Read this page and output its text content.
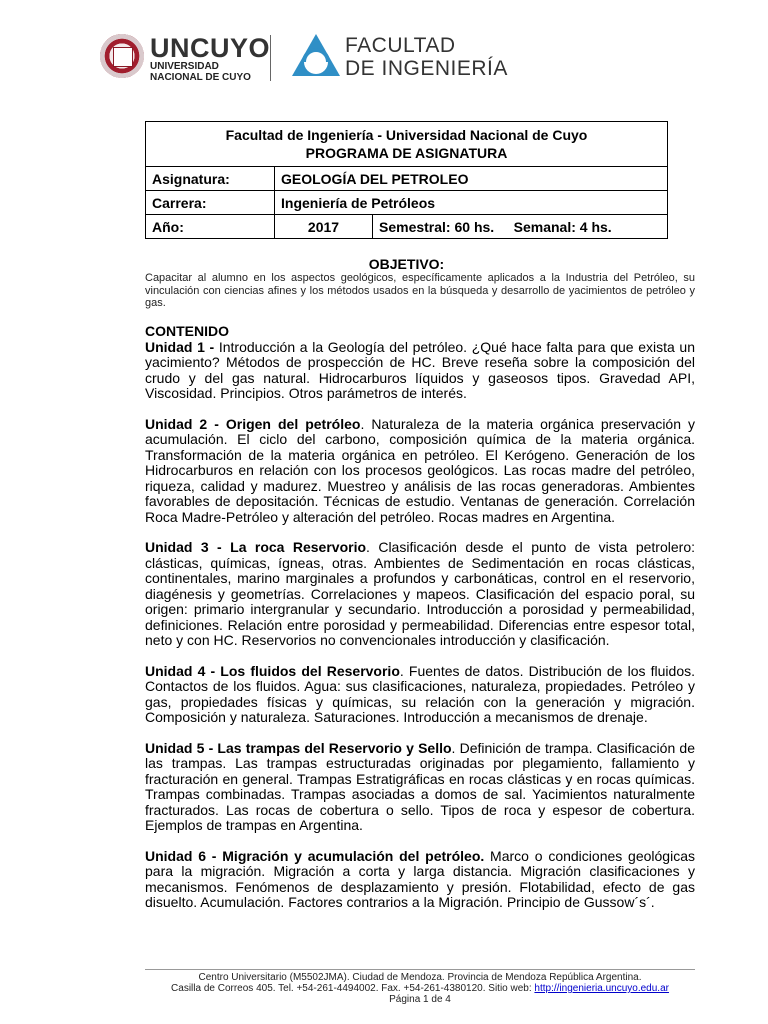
UNCUYO
UNIVERSIDAD
NACIONAL DE CUYO
FACULTAD
DE INGENIERÍA
Facultad de Ingeniería - Universidad Nacional de Cuyo
PROGRAMA DE ASIGNATURA		

Asignatura:	GEOLOGÍA DEL PETROLEO	
Carrera:	Ingeniería de Petróleos	
Año:	2017	Semestral: 60 hs. Semanal: 4 hs.
OBJETIVO:
Capacitar al alumno en los aspectos geológicos, específicamente aplicados a la Industria del Petróleo, su vinculación con ciencias afines y los métodos usados en la búsqueda y desarrollo de yacimientos de petróleo y gas.
CONTENIDO
Unidad 1 - Introducción a la Geología del petróleo. ¿Qué hace falta para que exista un yacimiento? Métodos de prospección de HC. Breve reseña sobre la composición del crudo y del gas natural. Hidrocarburos líquidos y gaseosos tipos. Gravedad API, Viscosidad. Principios. Otros parámetros de interés.
Unidad 2 - Origen del petróleo. Naturaleza de la materia orgánica preservación y acumulación. El ciclo del carbono, composición química de la materia orgánica. Transformación de la materia orgánica en petróleo. El Kerógeno. Generación de los Hidrocarburos en relación con los procesos geológicos. Las rocas madre del petróleo, riqueza, calidad y madurez. Muestreo y análisis de las rocas generadoras. Ambientes favorables de depositación. Técnicas de estudio. Ventanas de generación. Correlación Roca Madre-Petróleo y alteración del petróleo. Rocas madres en Argentina.
Unidad 3 - La roca Reservorio. Clasificación desde el punto de vista petrolero: clásticas, químicas, ígneas, otras. Ambientes de Sedimentación en rocas clásticas, continentales, marino marginales a profundos y carbonáticas, control en el reservorio, diagénesis y geometrías. Correlaciones y mapeos. Clasificación del espacio poral, su origen: primario intergranular y secundario. Introducción a porosidad y permeabilidad, definiciones. Relación entre porosidad y permeabilidad. Diferencias entre espesor total, neto y con HC. Reservorios no convencionales introducción y clasificación.
Unidad 4 - Los fluidos del Reservorio. Fuentes de datos. Distribución de los fluidos. Contactos de los fluidos. Agua: sus clasificaciones, naturaleza, propiedades. Petróleo y gas, propiedades físicas y químicas, su relación con la generación y migración. Composición y naturaleza. Saturaciones. Introducción a mecanismos de drenaje.
Unidad 5 - Las trampas del Reservorio y Sello. Definición de trampa. Clasificación de las trampas. Las trampas estructuradas originadas por plegamiento, fallamiento y fracturación en general. Trampas Estratigráficas en rocas clásticas y en rocas químicas. Trampas combinadas. Trampas asociadas a domos de sal. Yacimientos naturalmente fracturados. Las rocas de cobertura o sello. Tipos de roca y espesor de cobertura. Ejemplos de trampas en Argentina.
Unidad 6 - Migración y acumulación del petróleo. Marco o condiciones geológicas para la migración. Migración a corta y larga distancia. Migración clasificaciones y mecanismos. Fenómenos de desplazamiento y presión. Flotabilidad, efecto de gas disuelto. Acumulación. Factores contrarios a la Migración. Principio de Gussow´s´.
Centro Universitario (M5502JMA). Ciudad de Mendoza. Provincia de Mendoza República Argentina.
Casilla de Correos 405. Tel. +54-261-4494002. Fax. +54-261-4380120. Sitio web: http://ingenieria.uncuyo.edu.ar
Página 1 de 4
